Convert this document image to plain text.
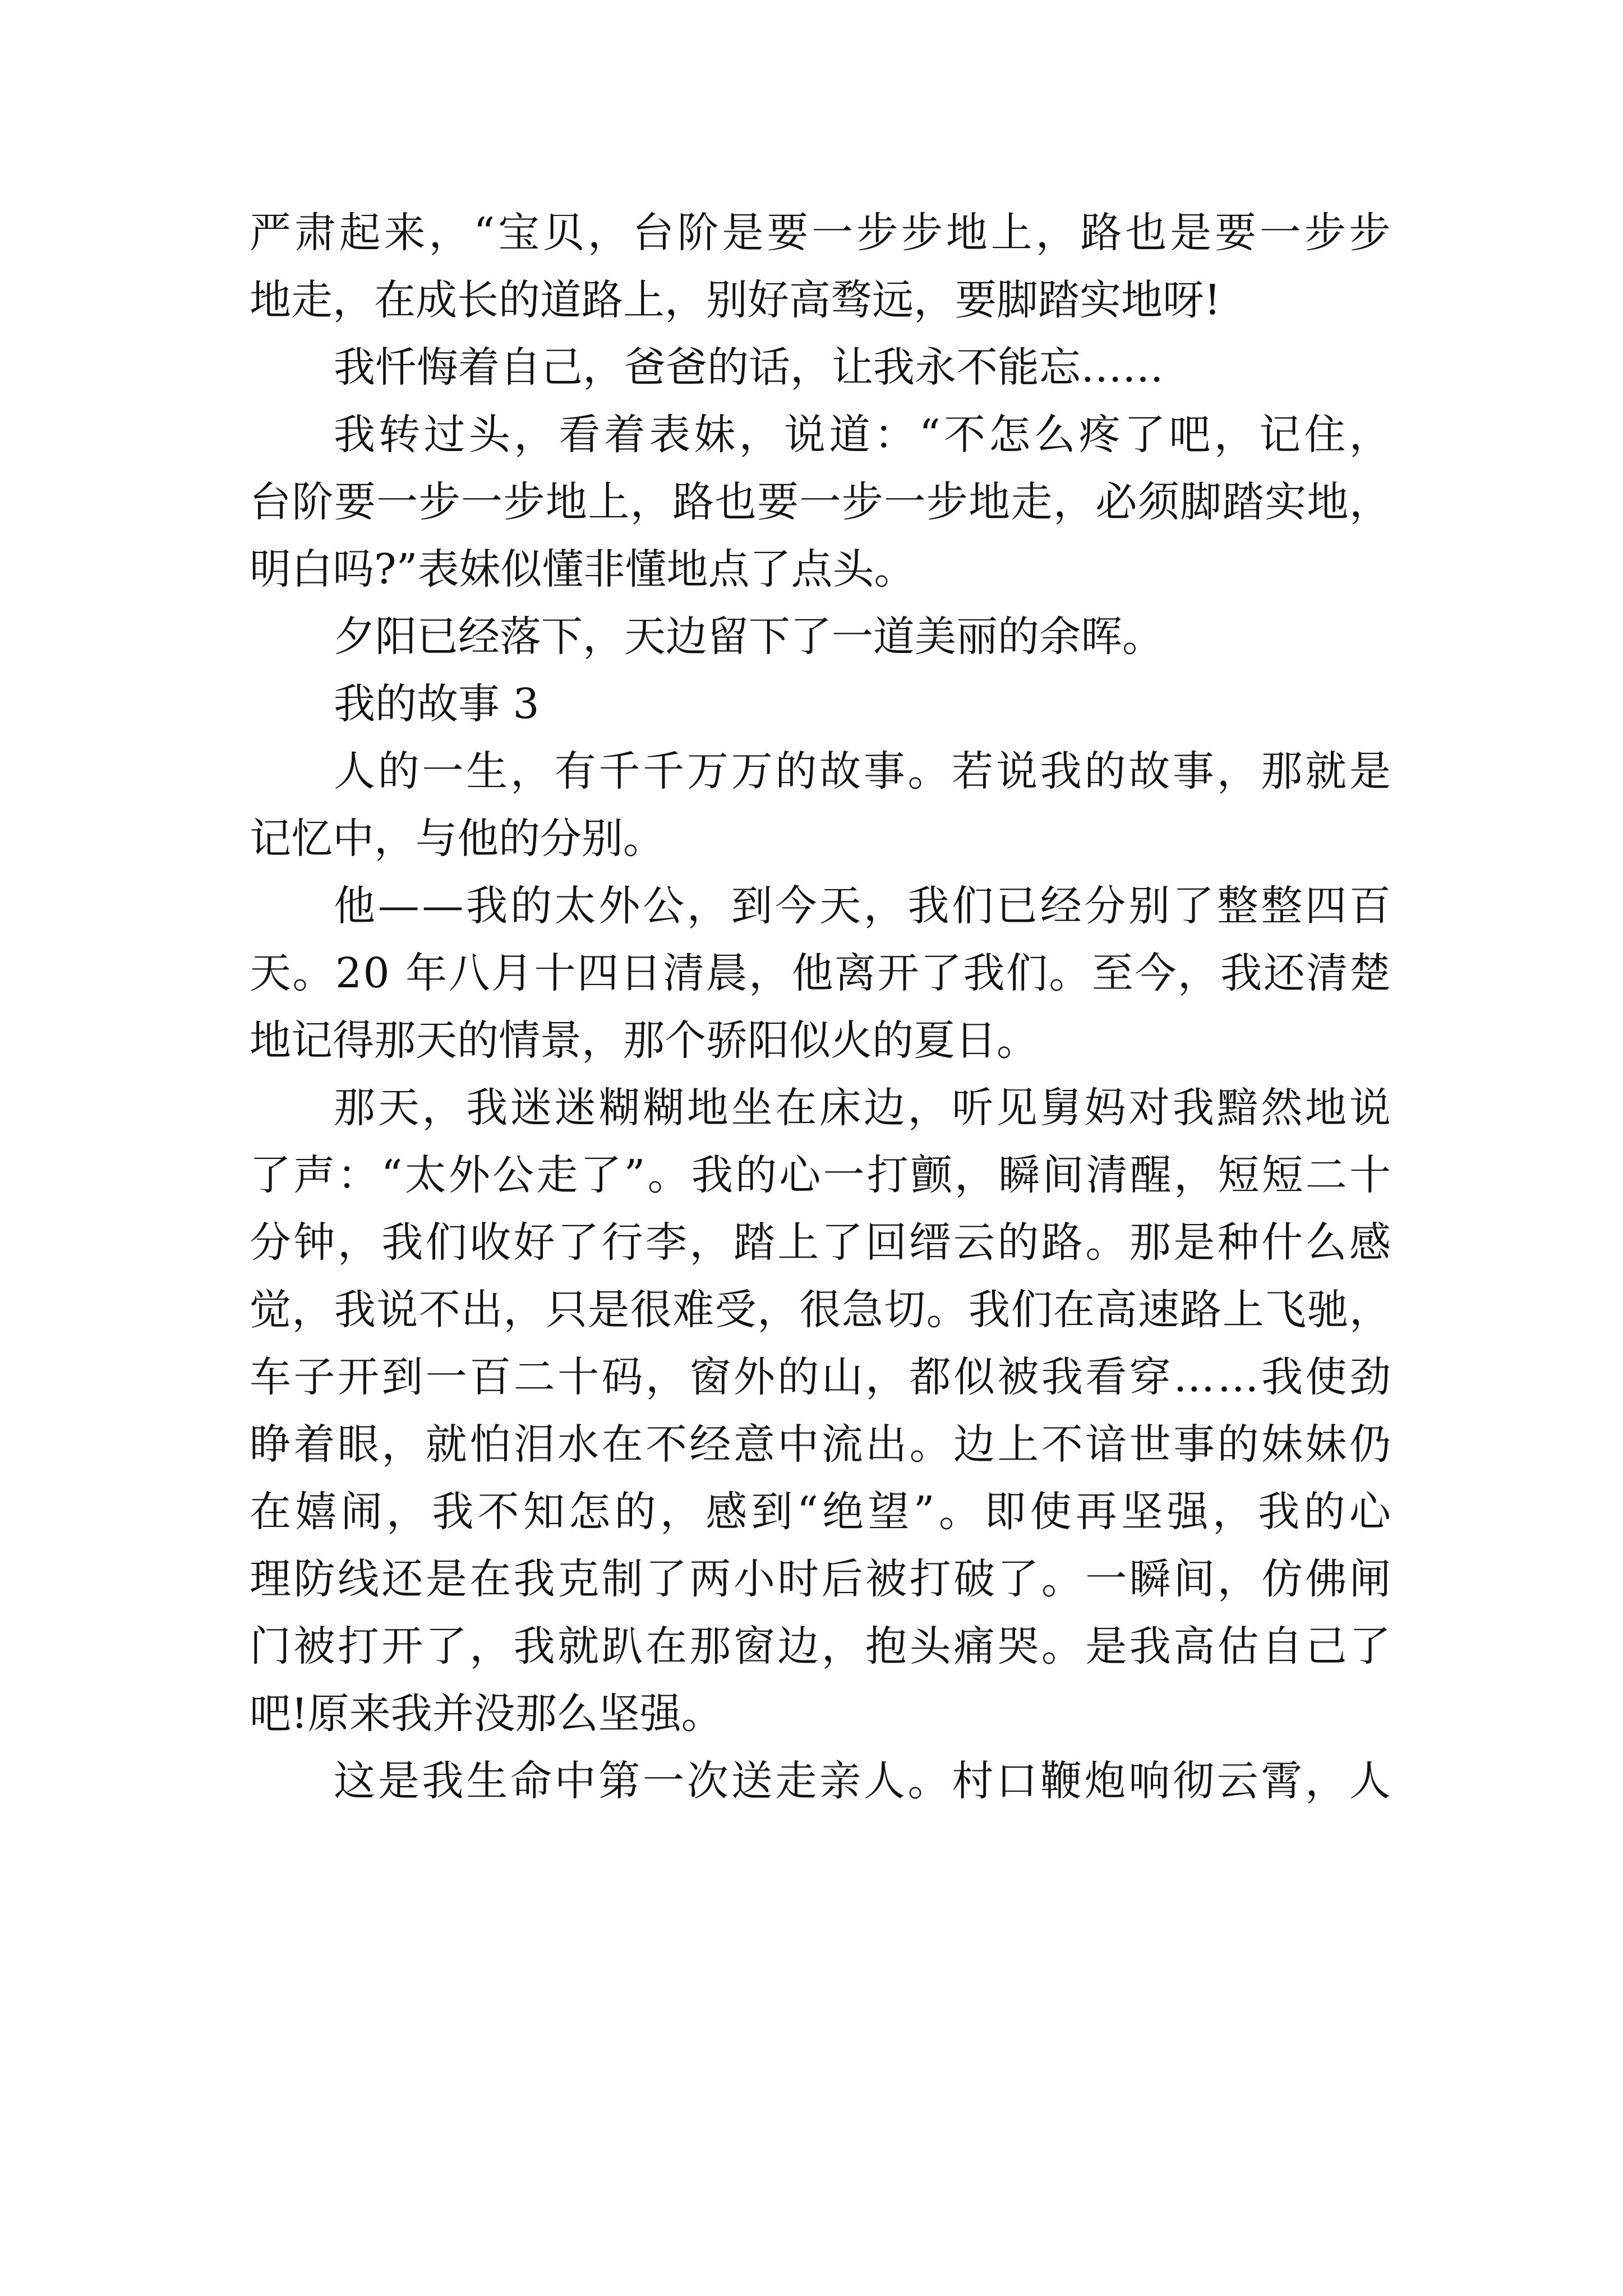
严 肃 起 来 ， “ 宝 贝 ， 台 阶 是 要 一 步 步 地 上 ， 路 也 是 要 一 步 步
地走，在成长的道路上，别好高骛远，要脚踏实地呀!
我忏悔着自己，爸爸的话，让我永不能忘……
我 转 过 头 ， 看 着 表 妹 ， 说 道 ： “ 不 怎 么 疼 了 吧 ， 记 住 ，
台 阶 要 一 步 一 步 地 上 ， 路 也 要 一 步 一 步 地 走 ， 必 须 脚 踏 实 地 ，
明白吗?”表妹似懂非懂地点了点头。
夕阳已经落下，天边留下了一道美丽的余晖。
我的故事 3
人 的 一 生 ， 有 千 千 万 万 的 故 事 。 若 说 我 的 故 事 ， 那 就 是
记忆中，与他的分别。
他 — — 我 的 太 外 公 ， 到 今 天 ， 我 们 已 经 分 别 了 整 整 四 百
天 。 2 0
年 八 月 十 四 日 清 晨 ， 他 离 开 了 我 们 。 至 今 ， 我 还 清 楚
地记得那天的情景，那个骄阳似火的夏日。
那 天 ， 我 迷 迷 糊 糊 地 坐 在 床 边 ， 听 见 舅 妈 对 我 黯 然 地 说
了 声 ： “ 太 外 公 走 了 ” 。 我 的 心 一 打 颤 ， 瞬 间 清 醒 ， 短 短 二 十
分 钟 ， 我 们 收 好 了 行 李 ， 踏 上 了 回 缙 云 的 路 。 那 是 种 什 么 感
觉 ， 我 说 不 出 ， 只 是 很 难 受 ， 很 急 切 。 我 们 在 高 速 路 上 飞 驰 ，
车 子 开 到 一 百 二 十 码 ， 窗 外 的 山 ， 都 似 被 我 看 穿 … … 我 使 劲
睁 着 眼 ， 就 怕 泪 水 在 不 经 意 中 流 出 。 边 上 不 谙 世 事 的 妹 妹 仍
在 嬉 闹 ， 我 不 知 怎 的 ， 感 到 “ 绝 望 ” 。 即 使 再 坚 强 ， 我 的 心
理 防 线 还 是 在 我 克 制 了 两 小 时 后 被 打 破 了 。 一 瞬 间 ， 仿 佛 闸
门 被 打 开 了 ， 我 就 趴 在 那 窗 边 ， 抱 头 痛 哭 。 是 我 高 估 自 己 了
吧!原来我并没那么坚强。
这 是 我 生 命 中 第 一 次 送 走 亲 人 。 村 口 鞭 炮 响 彻 云 霄 ， 人
